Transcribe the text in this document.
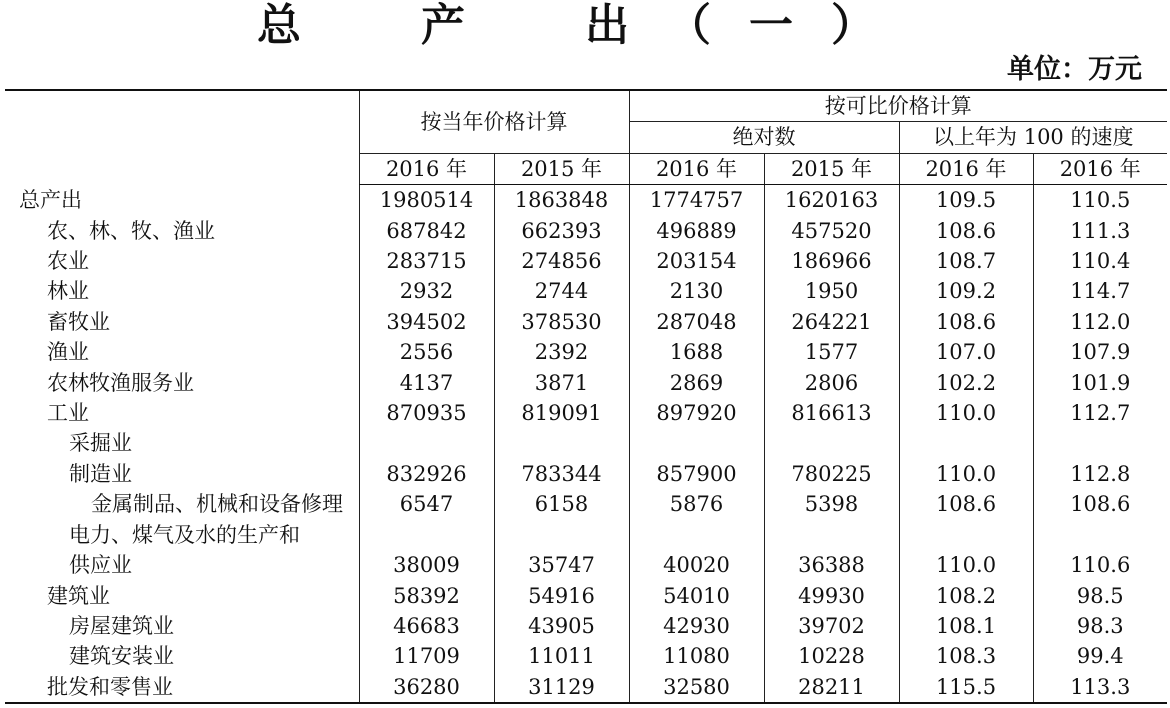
总　产　出（一）
单位：万元
	按当年价格计算		按可比价格计算			
			绝对数		以上年为 100 的速度	
	2016 年	2015 年	2016 年	2015 年	2016 年	2016 年
总产出	1980514	1863848	1774757	1620163	109.5	110.5
农、林、牧、渔业	687842	662393	496889	457520	108.6	111.3
农业	283715	274856	203154	186966	108.7	110.4
林业	2932	2744	2130	1950	109.2	114.7
畜牧业	394502	378530	287048	264221	108.6	112.0
渔业	2556	2392	1688	1577	107.0	107.9
农林牧渔服务业	4137	3871	2869	2806	102.2	101.9
工业	870935	819091	897920	816613	110.0	112.7
采掘业						
制造业	832926	783344	857900	780225	110.0	112.8
金属制品、机械和设备修理	6547	6158	5876	5398	108.6	108.6
电力、煤气及水的生产和						
供应业	38009	35747	40020	36388	110.0	110.6
建筑业	58392	54916	54010	49930	108.2	98.5
房屋建筑业	46683	43905	42930	39702	108.1	98.3
建筑安装业	11709	11011	11080	10228	108.3	99.4
批发和零售业	36280	31129	32580	28211	115.5	113.3
